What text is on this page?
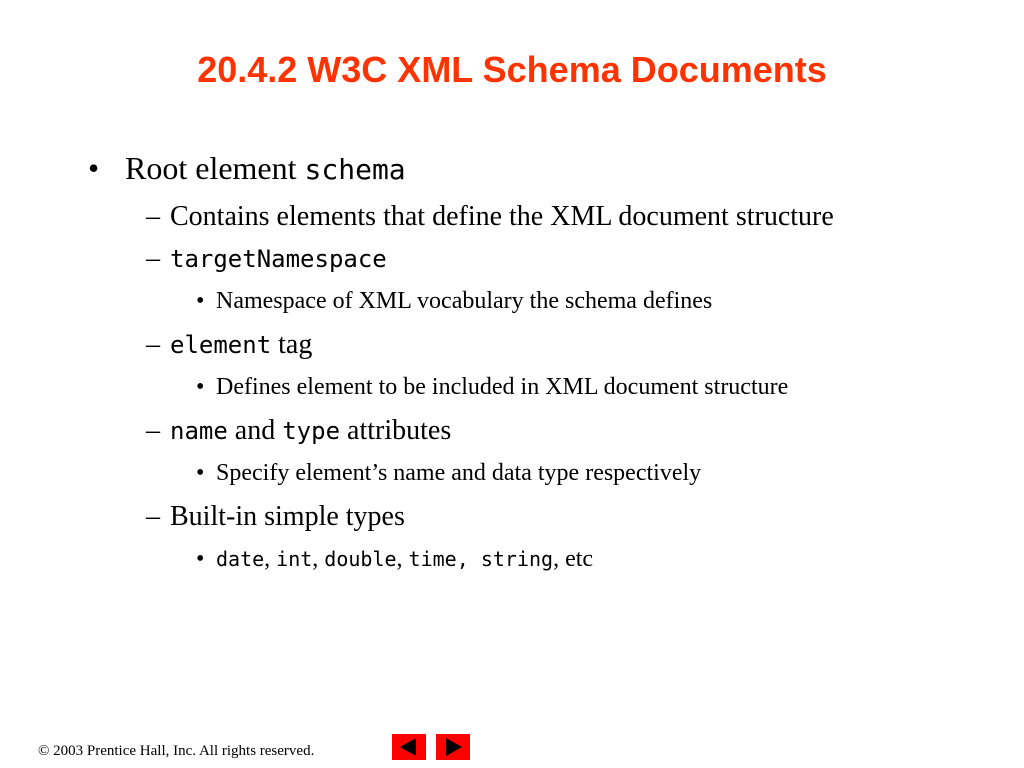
20.4.2 W3C XML Schema Documents
• Root element schema
– Contains elements that define the XML document structure
– targetNamespace
• Namespace of XML vocabulary the schema defines
– element tag
• Defines element to be included in XML document structure
– name and type attributes
• Specify element’s name and data type respectively
– Built-in simple types
• date, int, double, time, string, etc
© 2003 Prentice Hall, Inc. All rights reserved.
